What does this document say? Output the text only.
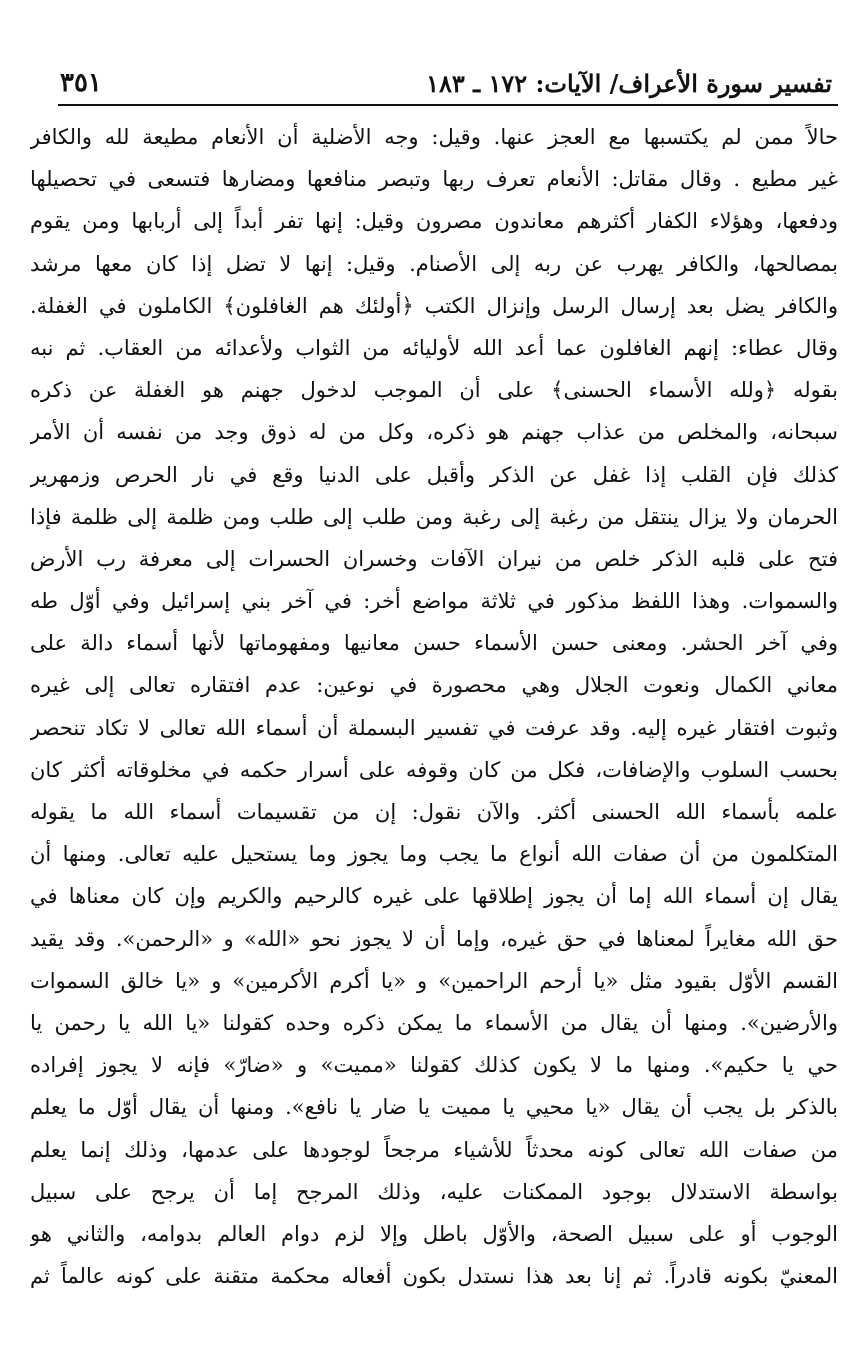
تفسير سورة الأعراف/ الآيات: ١٧٢ ـ ١٨٣
٣٥١
حالاً ممن لم يكتسبها مع العجز عنها. وقيل: وجه الأضلية أن الأنعام مطيعة لله والكافر
غير مطيع . وقال مقاتل: الأنعام تعرف ربها وتبصر منافعها ومضارها فتسعى في تحصيلها
ودفعها، وهؤلاء الكفار أكثرهم معاندون مصرون وقيل: إنها تفر أبداً إلى أربابها ومن يقوم
بمصالحها، والكافر يهرب عن ربه إلى الأصنام. وقيل: إنها لا تضل إذا كان معها مرشد
والكافر يضل بعد إرسال الرسل وإنزال الكتب ﴿أولئك هم الغافلون﴾ الكاملون في الغفلة.
وقال عطاء: إنهم الغافلون عما أعد الله لأوليائه من الثواب ولأعدائه من العقاب. ثم نبه
بقوله ﴿ولله الأسماء الحسنى﴾ على أن الموجب لدخول جهنم هو الغفلة عن ذكره
سبحانه، والمخلص من عذاب جهنم هو ذكره، وكل من له ذوق وجد من نفسه أن الأمر
كذلك فإن القلب إذا غفل عن الذكر وأقبل على الدنيا وقع في نار الحرص وزمهرير
الحرمان ولا يزال ينتقل من رغبة إلى رغبة ومن طلب إلى طلب ومن ظلمة إلى ظلمة فإذا
فتح على قلبه الذكر خلص من نيران الآفات وخسران الحسرات إلى معرفة رب الأرض
والسموات. وهذا اللفظ مذكور في ثلاثة مواضع أخر: في آخر بني إسرائيل وفي أوّل طه
وفي آخر الحشر. ومعنى حسن الأسماء حسن معانيها ومفهوماتها لأنها أسماء دالة على
معاني الكمال ونعوت الجلال وهي محصورة في نوعين: عدم افتقاره تعالى إلى غيره
وثبوت افتقار غيره إليه. وقد عرفت في تفسير البسملة أن أسماء الله تعالى لا تكاد تنحصر
بحسب السلوب والإضافات، فكل من كان وقوفه على أسرار حكمه في مخلوقاته أكثر كان
علمه بأسماء الله الحسنى أكثر. والآن نقول: إن من تقسيمات أسماء الله ما يقوله
المتكلمون من أن صفات الله أنواع ما يجب وما يجوز وما يستحيل عليه تعالى. ومنها أن
يقال إن أسماء الله إما أن يجوز إطلاقها على غيره كالرحيم والكريم وإن كان معناها في
حق الله مغايراً لمعناها في حق غيره، وإما أن لا يجوز نحو «الله» و «الرحمن». وقد يقيد
القسم الأوّل بقيود مثل «يا أرحم الراحمين» و «يا أكرم الأكرمين» و «يا خالق السموات
والأرضين». ومنها أن يقال من الأسماء ما يمكن ذكره وحده كقولنا «يا الله يا رحمن يا
حي يا حكيم». ومنها ما لا يكون كذلك كقولنا «مميت» و «ضارّ» فإنه لا يجوز إفراده
بالذكر بل يجب أن يقال «يا محيي يا مميت يا ضار يا نافع». ومنها أن يقال أوّل ما يعلم
من صفات الله تعالى كونه محدثاً للأشياء مرجحاً لوجودها على عدمها، وذلك إنما يعلم
بواسطة الاستدلال بوجود الممكنات عليه، وذلك المرجح إما أن يرجح على سبيل
الوجوب أو على سبيل الصحة، والأوّل باطل وإلا لزم دوام العالم بدوامه، والثاني هو
المعنيّ بكونه قادراً. ثم إنا بعد هذا نستدل بكون أفعاله محكمة متقنة على كونه عالماً ثم
